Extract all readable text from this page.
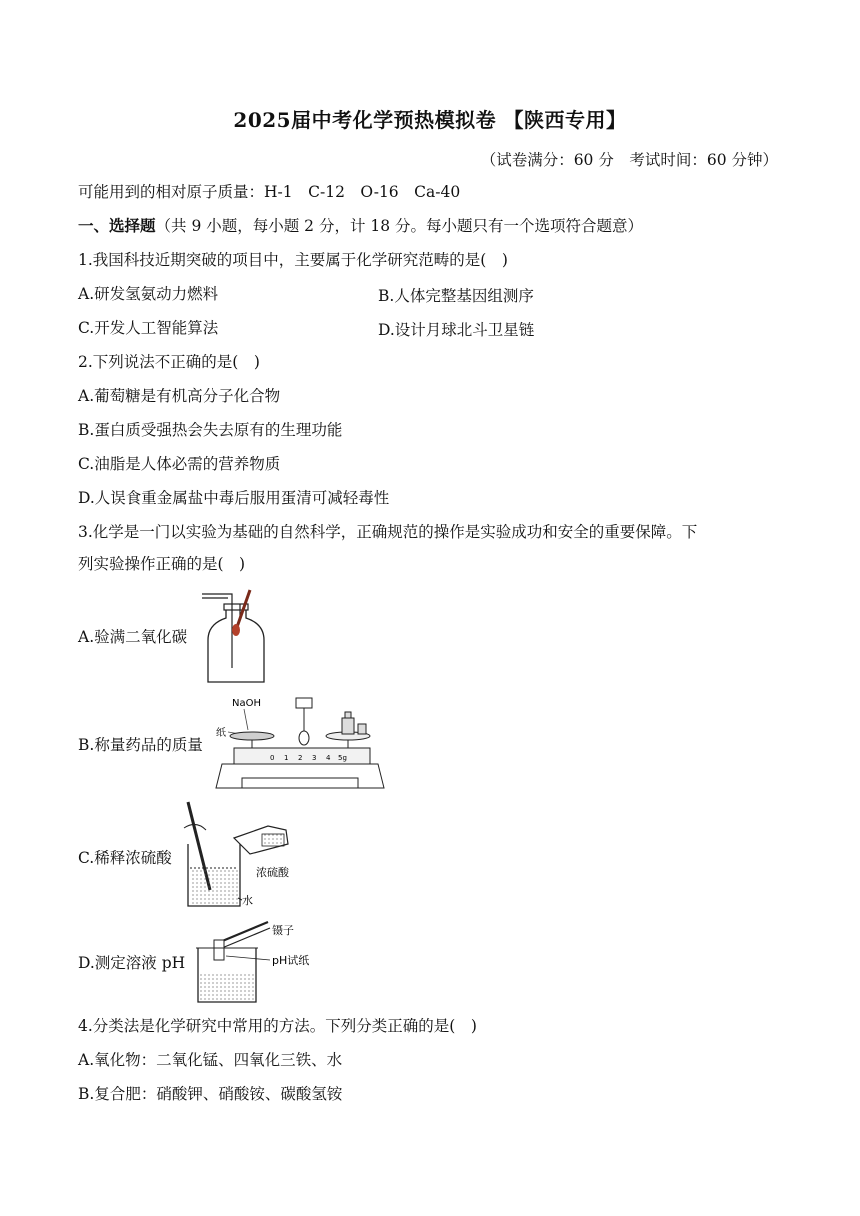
2025届中考化学预热模拟卷 【陕西专用】
（试卷满分：60 分　考试时间：60 分钟）
可能用到的相对原子质量：H-1　C-12　O-16　Ca-40
一、选择题（共 9 小题，每小题 2 分，计 18 分。每小题只有一个选项符合题意）
1.我国科技近期突破的项目中，主要属于化学研究范畴的是(　)
A.研发氢氨动力燃料	B.人体完整基因组测序
C.开发人工智能算法	D.设计月球北斗卫星链
2.下列说法不正确的是(　)
A.葡萄糖是有机高分子化合物
B.蛋白质受强热会失去原有的生理功能
C.油脂是人体必需的营养物质
D.人误食重金属盐中毒后服用蛋清可减轻毒性
3.化学是一门以实验为基础的自然科学，正确规范的操作是实验成功和安全的重要保障。下
列实验操作正确的是(　)
A.验满二氧化碳
B.称量药品的质量
NaOH
纸
0 1 2 3 4 5g
C.稀释浓硫酸
浓硫酸
水
D.测定溶液 pH
镊子
pH试纸
4.分类法是化学研究中常用的方法。下列分类正确的是(　)
A.氧化物：二氧化锰、四氧化三铁、水
B.复合肥：硝酸钾、硝酸铵、碳酸氢铵
